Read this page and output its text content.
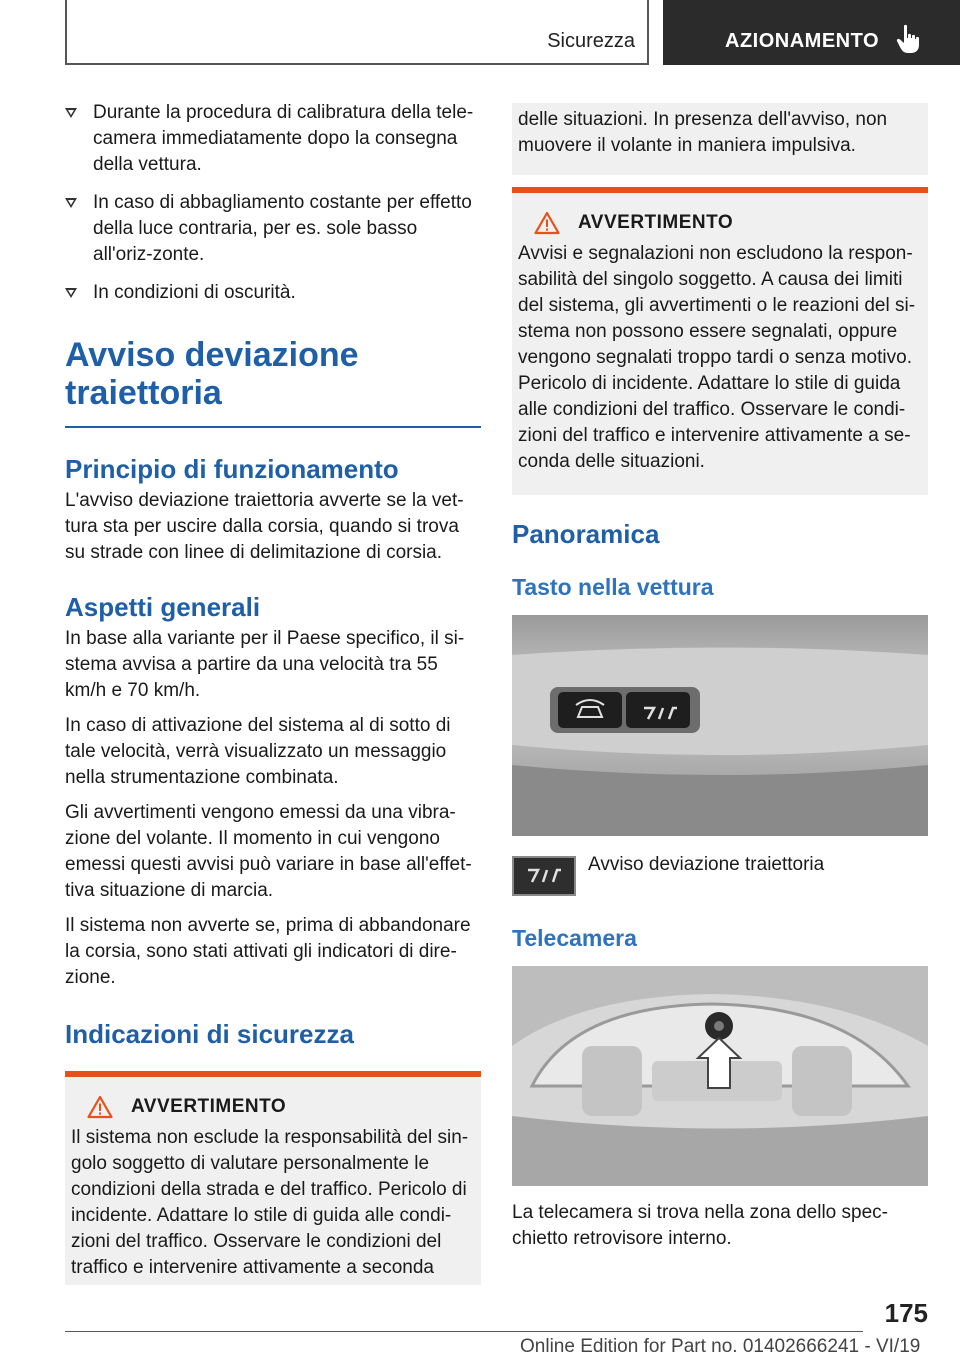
Sicurezza	AZIONAMENTO
Durante la procedura di calibratura della tele-camera immediatamente dopo la consegna della vettura.
In caso di abbagliamento costante per effetto della luce contraria, per es. sole basso all'oriz-zonte.
In condizioni di oscurità.
Avviso deviazione traiettoria
Principio di funzionamento
L'avviso deviazione traiettoria avverte se la vet-tura sta per uscire dalla corsia, quando si trova su strade con linee di delimitazione di corsia.
Aspetti generali
In base alla variante per il Paese specifico, il si-stema avvisa a partire da una velocità tra 55 km/h e 70 km/h.
In caso di attivazione del sistema al di sotto di tale velocità, verrà visualizzato un messaggio nella strumentazione combinata.
Gli avvertimenti vengono emessi da una vibra-zione del volante. Il momento in cui vengono emessi questi avvisi può variare in base all'effet-tiva situazione di marcia.
Il sistema non avverte se, prima di abbandonare la corsia, sono stati attivati gli indicatori di dire-zione.
Indicazioni di sicurezza
AVVERTIMENTO
Il sistema non esclude la responsabilità del sin-golo soggetto di valutare personalmente le condizioni della strada e del traffico. Pericolo di incidente. Adattare lo stile di guida alle condi-zioni del traffico. Osservare le condizioni del traffico e intervenire attivamente a seconda
delle situazioni. In presenza dell'avviso, non muovere il volante in maniera impulsiva.
AVVERTIMENTO
Avvisi e segnalazioni non escludono la respon-sabilità del singolo soggetto. A causa dei limiti del sistema, gli avvertimenti o le reazioni del si-stema non possono essere segnalati, oppure vengono segnalati troppo tardi o senza motivo. Pericolo di incidente. Adattare lo stile di guida alle condizioni del traffico. Osservare le condi-zioni del traffico e intervenire attivamente a se-conda delle situazioni.
Panoramica
Tasto nella vettura
Avviso deviazione traiettoria
Telecamera
La telecamera si trova nella zona dello spec-chietto retrovisore interno.
175
Online Edition for Part no. 01402666241 - VI/19
